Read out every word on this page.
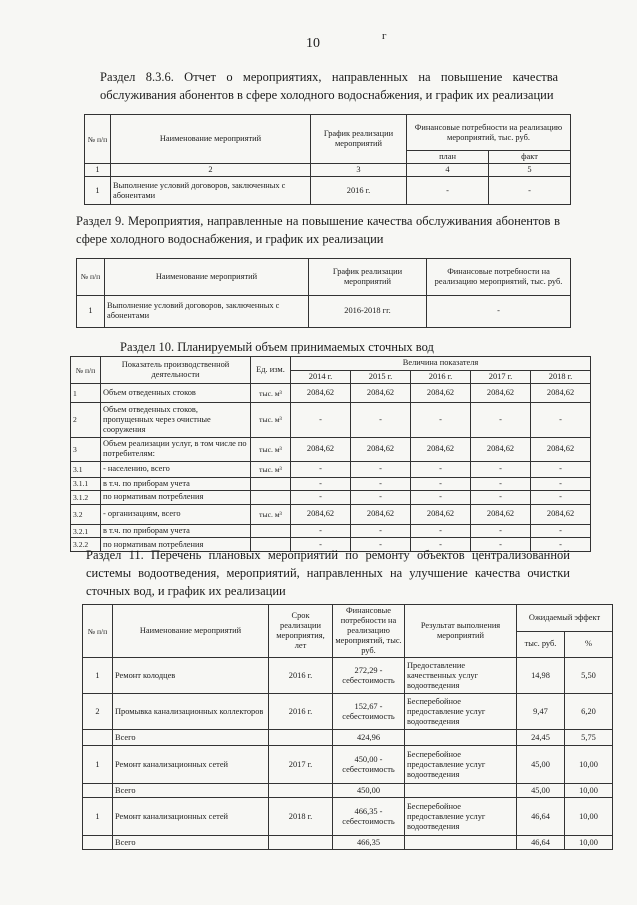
10	г
Раздел 8.3.6. Отчет о мероприятиях, направленных на повышение качества обслуживания абонентов в сфере холодного водоснабжения, и график их реализации
№ п/п	Наименование мероприятий	График реализации мероприятий	Финансовые потребности на реализацию мероприятий, тыс. руб.	
			план	факт
1	2	3	4	5
1	Выполнение условий договоров, заключенных с абонентами	2016 г.	-	-
Раздел 9. Мероприятия, направленные на повышение качества обслуживания абонентов в сфере холодного водоснабжения, и график их реализации
№ п/п	Наименование мероприятий	График реализации мероприятий	Финансовые потребности на реализацию мероприятий, тыс. руб.
1	Выполнение условий договоров, заключенных с абонентами	2016-2018 гг.	-
Раздел 10. Планируемый объем принимаемых сточных вод
№ п/п	Показатель производственной деятельности	Ед. изм.	Величина показателя				
			2014 г.	2015 г.	2016 г.	2017 г.	2018 г.
1	Объем отведенных стоков	тыс. м³	2084,62	2084,62	2084,62	2084,62	2084,62
2	Объем отведенных стоков, пропущенных через очистные сооружения	тыс. м³	-	-	-	-	-
3	Объем реализации услуг, в том числе по потребителям:	тыс. м³	2084,62	2084,62	2084,62	2084,62	2084,62
3.1	- населению, всего	тыс. м³	-	-	-	-	-
3.1.1	в т.ч. по приборам учета		-	-	-	-	-
3.1.2	по нормативам потребления		-	-	-	-	-
3.2	- организациям, всего	тыс. м³	2084,62	2084,62	2084,62	2084,62	2084,62
3.2.1	в т.ч. по приборам учета		-	-	-	-	-
3.2.2	по нормативам потребления		-	-	-	-	-
Раздел 11. Перечень плановых мероприятий по ремонту объектов централизованной системы водоотведения, мероприятий, направленных на улучшение качества очистки сточных вод, и график их реализации
№ п/п	Наименование мероприятий	Срок реализации мероприятия, лет	Финансовые потребности на реализацию мероприятий, тыс. руб.	Результат выполнения мероприятий	Ожидаемый эффект	
					тыс. руб.	%
1	Ремонт колодцев	2016 г.	272,29 - себестоимость	Предоставление качественных услуг водоотведения	14,98	5,50
2	Промывка канализационных коллекторов	2016 г.	152,67 - себестоимость	Бесперебойное предоставление услуг водоотведения	9,47	6,20
	Всего		424,96		24,45	5,75
1	Ремонт канализационных сетей	2017 г.	450,00 - себестоимость	Бесперебойное предоставление услуг водоотведения	45,00	10,00
	Всего		450,00		45,00	10,00
1	Ремонт канализационных сетей	2018 г.	466,35 - себестоимость	Бесперебойное предоставление услуг водоотведения	46,64	10,00
	Всего		466,35		46,64	10,00
